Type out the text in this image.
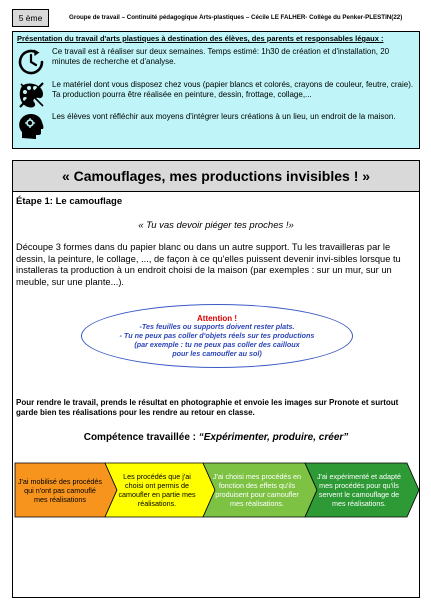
5 ème	Groupe de travail – Continuité pédagogique Arts-plastiques – Cécile LE FALHER- Collège du Penker-PLESTIN(22)
Présentation du travail d'arts plastiques à destination des élèves, des parents et responsables légaux :
Ce travail est à réaliser sur deux semaines. Temps estimé: 1h30 de création et d'installation, 20 minutes de recherche et d'analyse.
Le matériel dont vous disposez chez vous (papier blancs et colorés, crayons de couleur, feutre, craie). Ta production pourra être réalisée en peinture, dessin, frottage, collage,...
Les élèves vont réfléchir aux moyens d'intégrer leurs créations à un lieu, un endroit de la maison.
« Camouflages, mes productions invisibles ! »
Étape 1: Le camouflage
« Tu vas devoir piéger tes proches !»
Découpe 3 formes dans du papier blanc ou dans un autre support. Tu les travailleras par le dessin, la peinture, le collage, ..., de façon à ce qu'elles puissent devenir invi-sibles lorsque tu installeras ta production à un endroit choisi de la maison (par exemples : sur un mur, sur un meuble, sur une plante...).
Attention !
-Tes feuilles ou supports doivent rester plats.
- Tu ne peux pas coller d'objets réels sur tes productions
(par exemple : tu ne peux pas coller des cailloux
pour les camoufler au sol)
Pour rendre le travail, prends le résultat en photographie et envoie les images sur Pronote et surtout garde bien tes réalisations pour les rendre au retour en classe.
Compétence travaillée : “Expérimenter, produire, créer”
J'ai mobilisé des procédés qui n'ont pas camouflé mes réalisations
Les procédés que j'ai choisi ont permis de camoufler en partie mes réalisations.
J'ai choisi mes procédés en fonction des effets qu'ils produisent pour camoufler mes réalisations.
J'ai expérimenté et adapté mes procédés pour qu'ils servent le camouflage de mes réalisations.
